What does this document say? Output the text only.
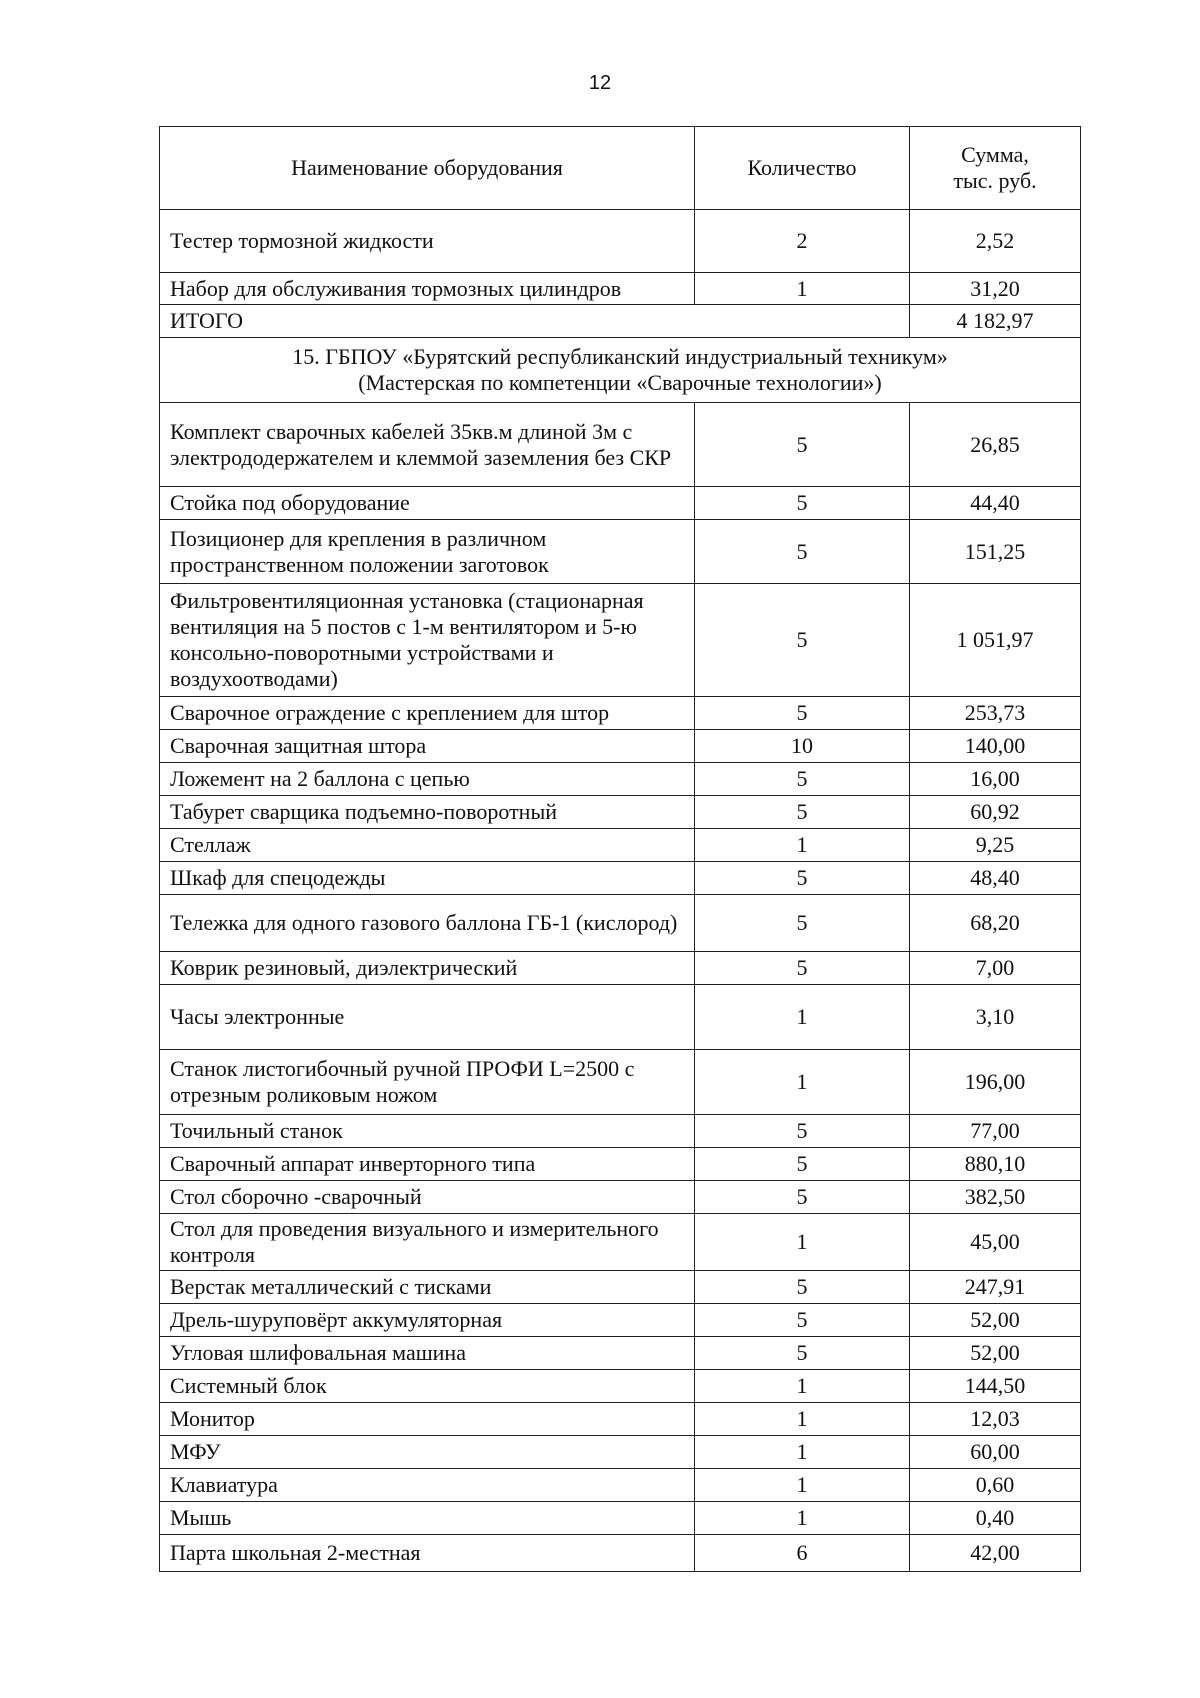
12
Наименование оборудования	Количество	Сумма,
тыс. руб.

Тестер тормозной жидкости	2	2,52
Набор для обслуживания тормозных цилиндров	1	31,20
ИТОГО		4 182,97

15. ГБПОУ «Бурятский республиканский индустриальный техникум»
(Мастерская по компетенции «Сварочные технологии»)		

Комплект сварочных кабелей 35кв.м длиной 3м с электрододержателем и клеммой заземления без СКР	5	26,85
Стойка под оборудование	5	44,40
Позиционер для крепления в различном пространственном положении заготовок	5	151,25
Фильтровентиляционная установка (стационарная вентиляция на 5 постов с 1-м вентилятором и 5-ю консольно-поворотными устройствами и воздухоотводами)	5	1 051,97
Сварочное ограждение с креплением для штор	5	253,73
Сварочная защитная штора	10	140,00
Ложемент на 2 баллона с цепью	5	16,00
Табурет сварщика подъемно-поворотный	5	60,92
Стеллаж	1	9,25
Шкаф для спецодежды	5	48,40
Тележка для одного газового баллона ГБ-1 (кислород)	5	68,20
Коврик резиновый, диэлектрический	5	7,00
Часы электронные	1	3,10
Станок листогибочный ручной ПРОФИ L=2500 с отрезным роликовым ножом	1	196,00
Точильный станок	5	77,00
Сварочный аппарат инверторного типа	5	880,10
Стол сборочно -сварочный	5	382,50
Стол для проведения визуального и измерительного контроля	1	45,00
Верстак металлический с тисками	5	247,91
Дрель-шуруповёрт аккумуляторная	5	52,00
Угловая шлифовальная машина	5	52,00
Системный блок	1	144,50
Монитор	1	12,03
МФУ	1	60,00
Клавиатура	1	0,60
Мышь	1	0,40
Парта школьная 2-местная	6	42,00
